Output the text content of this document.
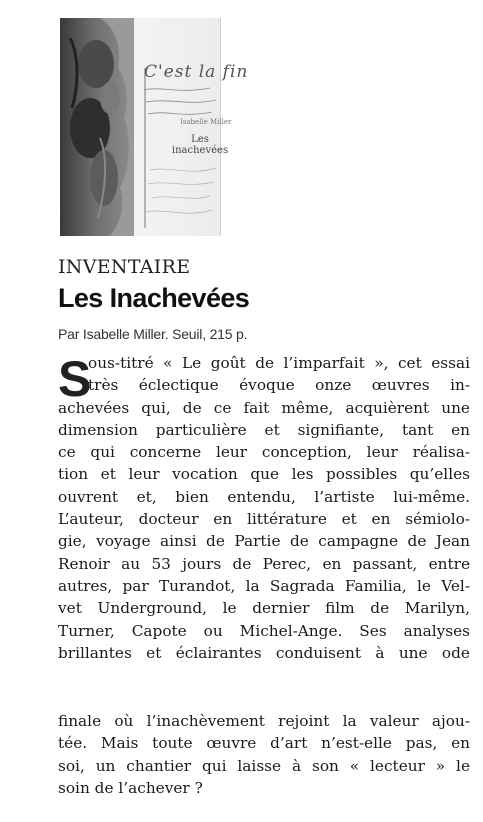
C'est la fin
Isabelle Miller
Les
inachevées
PG
INVENTAIRE
Les Inachevées
Par Isabelle Miller. Seuil, 215 p.
S
ous-titré « Le goût de l’imparfait », cet essai
très éclectique évoque onze œuvres in-
achevées qui, de ce fait même, acquièrent une
dimension particulière et signifiante, tant en
ce qui concerne leur conception, leur réalisa-
tion et leur vocation que les possibles qu’elles
ouvrent et, bien entendu, l’artiste lui-même.
L’auteur, docteur en littérature et en sémiolo-
gie, voyage ainsi de Partie de campagne de Jean
Renoir au 53 jours de Perec, en passant, entre
autres, par Turandot, la Sagrada Familia, le Vel-
vet Underground, le dernier film de Marilyn,
Turner, Capote ou Michel-Ange. Ses analyses
brillantes et éclairantes conduisent à une ode
finale où l’inachèvement rejoint la valeur ajou-
tée. Mais toute œuvre d’art n’est-elle pas, en
soi, un chantier qui laisse à son « lecteur » le
soin de l’achever ?
